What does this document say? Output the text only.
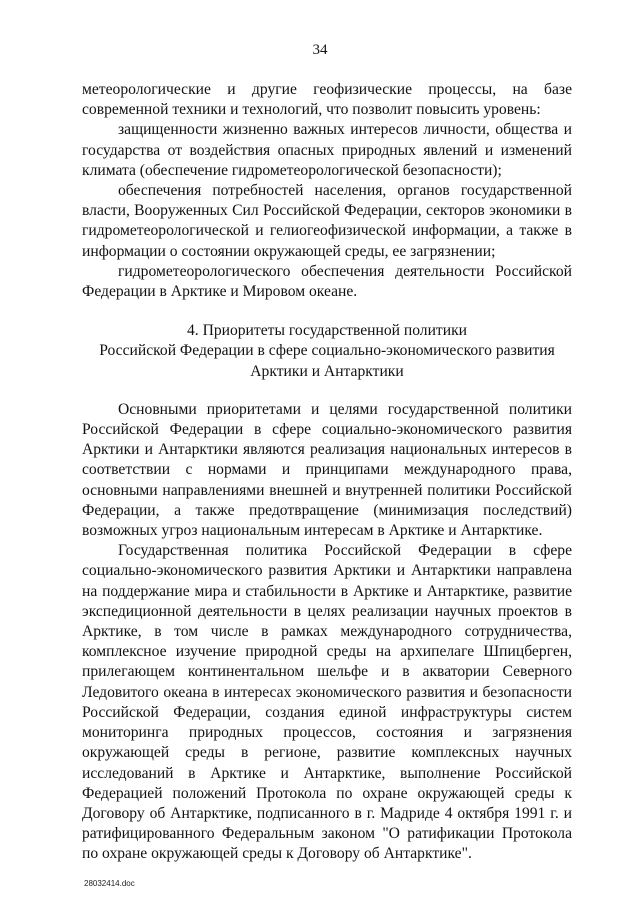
34

метеорологические и другие геофизические процессы, на базе современной техники и технологий, что позволит повысить уровень:

защищенности жизненно важных интересов личности, общества и государства от воздействия опасных природных явлений и изменений климата (обеспечение гидрометеорологической безопасности);

обеспечения потребностей населения, органов государственной власти, Вооруженных Сил Российской Федерации, секторов экономики в гидрометеорологической и гелиогеофизической информации, а также в информации о состоянии окружающей среды, ее загрязнении;

гидрометеорологического обеспечения деятельности Российской Федерации в Арктике и Мировом океане.

4. Приоритеты государственной политики
Российской Федерации в сфере социально-экономического развития
Арктики и Антарктики

Основными приоритетами и целями государственной политики Российской Федерации в сфере социально-экономического развития Арктики и Антарктики являются реализация национальных интересов в соответствии с нормами и принципами международного права, основными направлениями внешней и внутренней политики Российской Федерации, а также предотвращение (минимизация последствий) возможных угроз национальным интересам в Арктике и Антарктике.

Государственная политика Российской Федерации в сфере социально-экономического развития Арктики и Антарктики направлена на поддержание мира и стабильности в Арктике и Антарктике, развитие экспедиционной деятельности в целях реализации научных проектов в Арктике, в том числе в рамках международного сотрудничества, комплексное изучение природной среды на архипелаге Шпицберген, прилегающем континентальном шельфе и в акватории Северного Ледовитого океана в интересах экономического развития и безопасности Российской Федерации, создания единой инфраструктуры систем мониторинга природных процессов, состояния и загрязнения окружающей среды в регионе, развитие комплексных научных исследований в Арктике и Антарктике, выполнение Российской Федерацией положений Протокола по охране окружающей среды к Договору об Антарктике, подписанного в г. Мадриде 4 октября 1991 г. и ратифицированного Федеральным законом "О ратификации Протокола по охране окружающей среды к Договору об Антарктике".

28032414.doc
